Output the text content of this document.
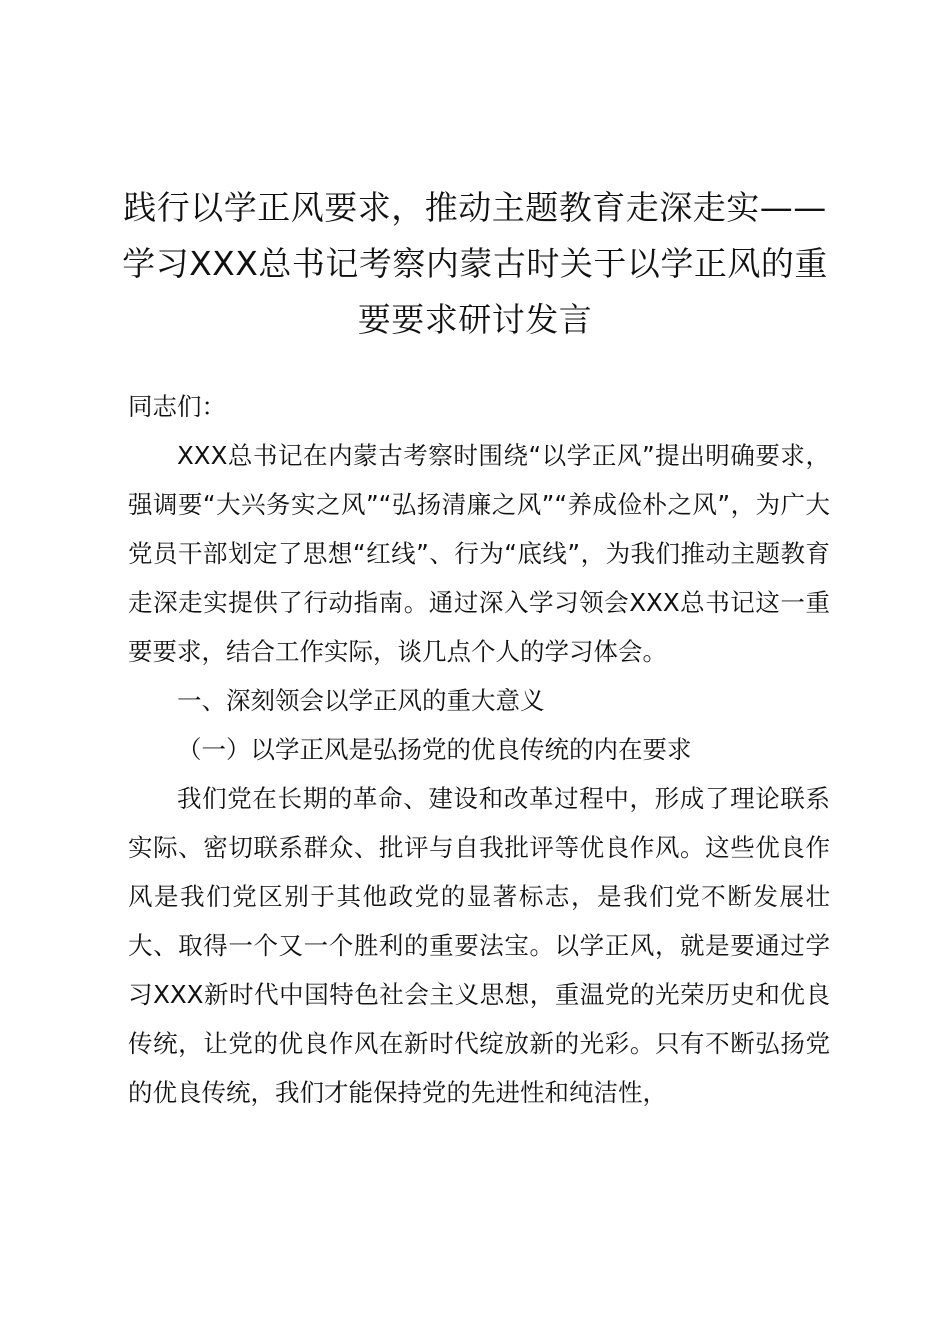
践行以学正风要求，推动主题教育走深走实——学习XXX总书记考察内蒙古时关于以学正风的重要要求研讨发言

同志们：

XXX总书记在内蒙古考察时围绕“以学正风”提出明确要求，强调要“大兴务实之风”“弘扬清廉之风”“养成俭朴之风”，为广大党员干部划定了思想“红线”、行为“底线”，为我们推动主题教育走深走实提供了行动指南。通过深入学习领会XXX总书记这一重要要求，结合工作实际，谈几点个人的学习体会。

一、深刻领会以学正风的重大意义

（一）以学正风是弘扬党的优良传统的内在要求

我们党在长期的革命、建设和改革过程中，形成了理论联系实际、密切联系群众、批评与自我批评等优良作风。这些优良作风是我们党区别于其他政党的显著标志，是我们党不断发展壮大、取得一个又一个胜利的重要法宝。以学正风，就是要通过学习XXX新时代中国特色社会主义思想，重温党的光荣历史和优良传统，让党的优良作风在新时代绽放新的光彩。只有不断弘扬党的优良传统，我们才能保持党的先进性和纯洁性，
